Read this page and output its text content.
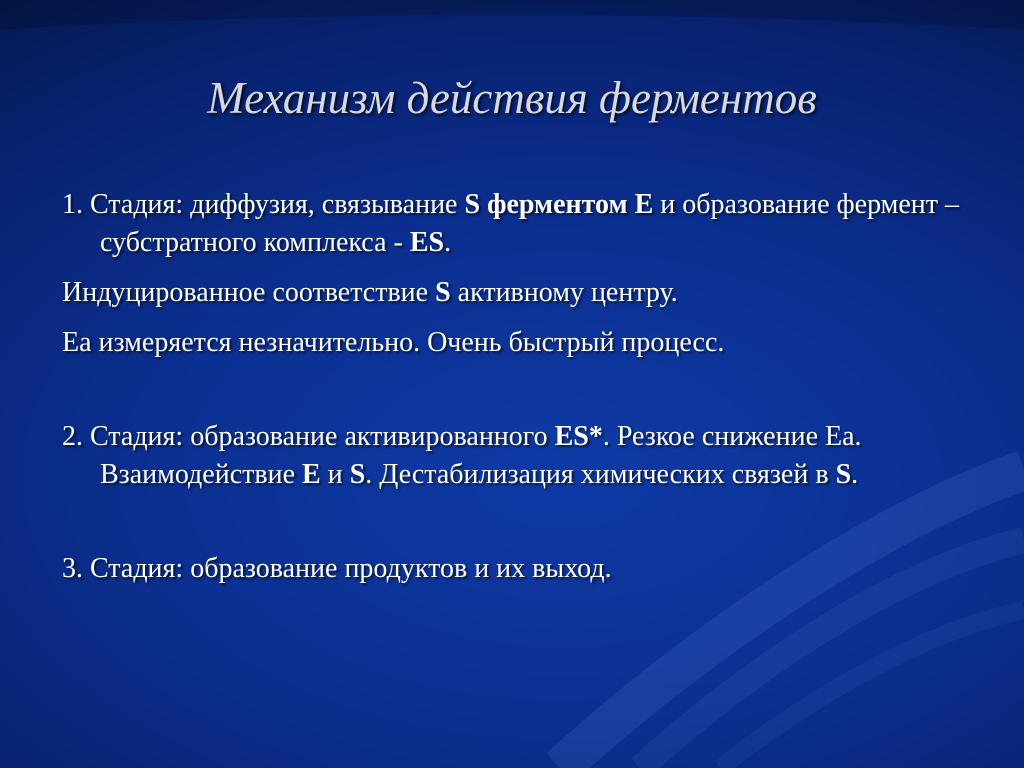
Механизм действия ферментов

1. Стадия: диффузия, связывание S ферментом E и образование фермент – субстратного комплекса - ES.

Индуцированное соответствие S активному центру.

Ea измеряется незначительно. Очень быстрый процесс.

2. Стадия: образование активированного ES*. Резкое снижение Ea. Взаимодействие E и S. Дестабилизация химических связей в S.

3. Стадия: образование продуктов и их выход.
